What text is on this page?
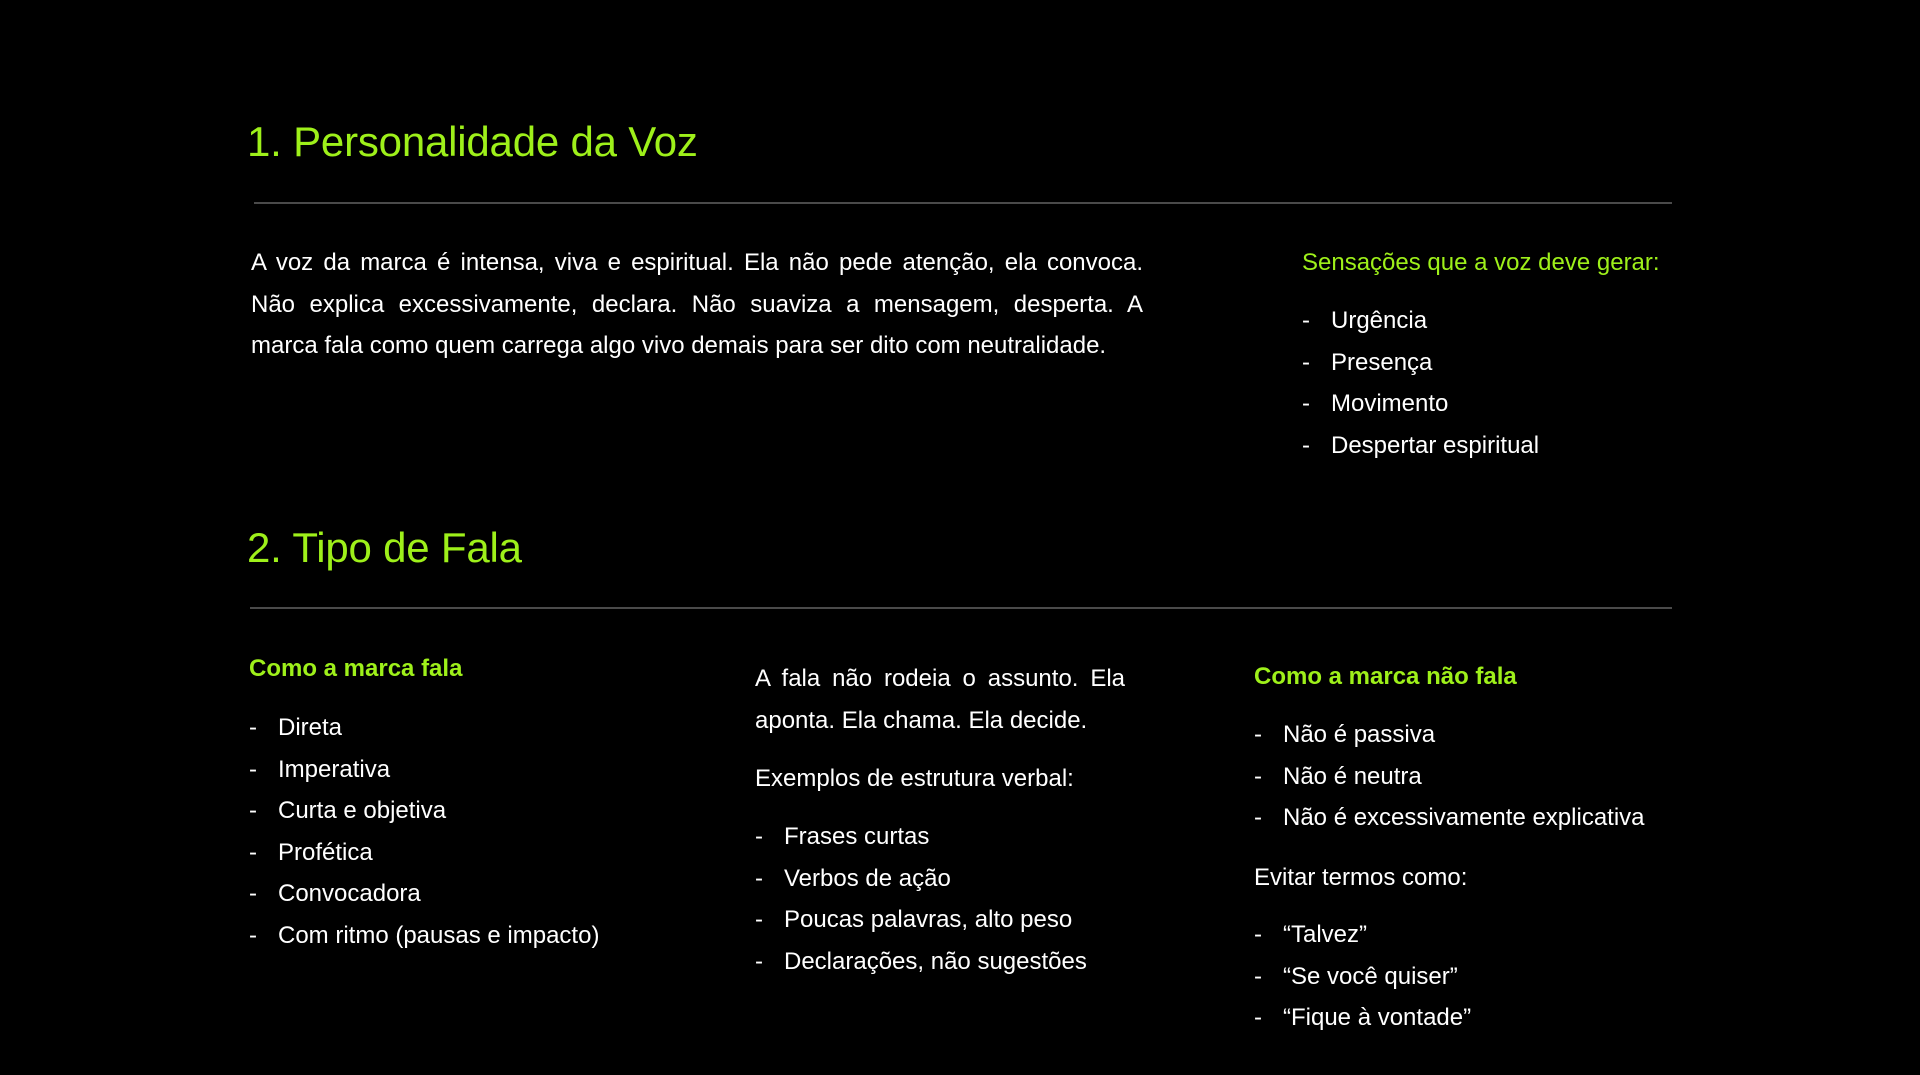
1. Personalidade da Voz
A voz da marca é intensa, viva e espiritual. Ela não pede atenção, ela convoca. Não explica excessivamente, declara. Não suaviza a mensagem, desperta. A marca fala como quem carrega algo vivo demais para ser dito com neutralidade.
Sensações que a voz deve gerar:
- Urgência
- Presença
- Movimento
- Despertar espiritual
2. Tipo de Fala
Como a marca fala
- Direta
- Imperativa
- Curta e objetiva
- Profética
- Convocadora
- Com ritmo (pausas e impacto)
A fala não rodeia o assunto. Ela aponta. Ela chama. Ela decide.
Exemplos de estrutura verbal:
- Frases curtas
- Verbos de ação
- Poucas palavras, alto peso
- Declarações, não sugestões
Como a marca não fala
- Não é passiva
- Não é neutra
- Não é excessivamente explicativa
Evitar termos como:
- “Talvez”
- “Se você quiser”
- “Fique à vontade”
